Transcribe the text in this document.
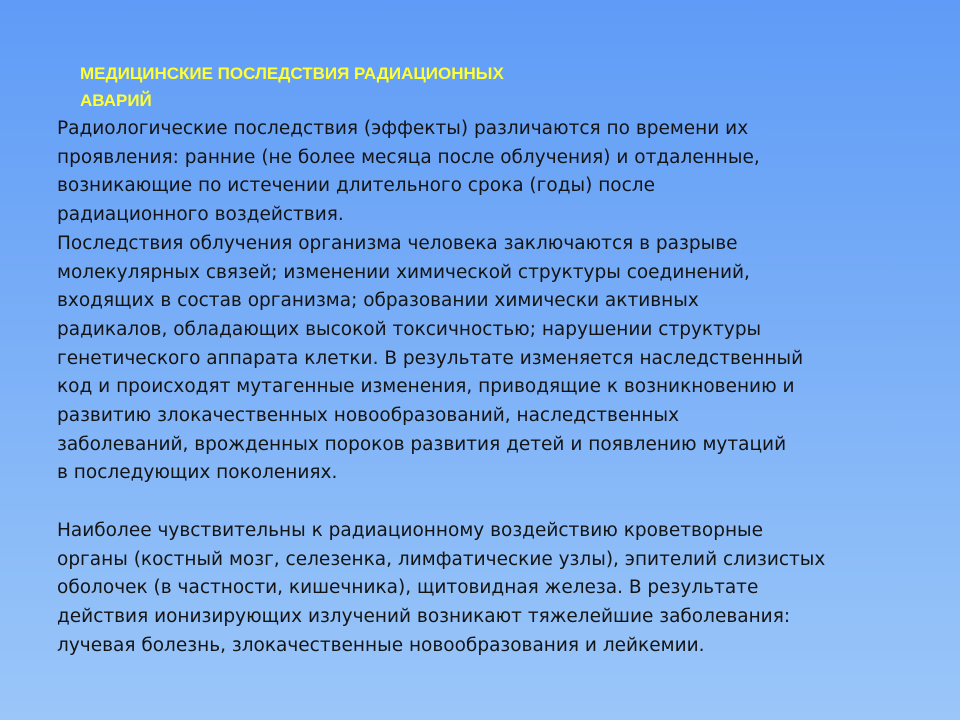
МЕДИЦИНСКИЕ ПОСЛЕДСТВИЯ РАДИАЦИОННЫХ
АВАРИЙ
Радиологические последствия (эффекты) различаются по времени их
проявления: ранние (не более месяца после облучения) и отдаленные,
возникающие по истечении длительного срока (годы) после
радиационного воздействия.
Последствия облучения организма человека заключаются в разрыве
молекулярных связей; изменении химической структуры соединений,
входящих в состав организма; образовании химически активных
радикалов, обладающих высокой токсичностью; нарушении структуры
генетического аппарата клетки. В результате изменяется наследственный
код и происходят мутагенные изменения, приводящие к возникновению и
развитию злокачественных новообразований, наследственных
заболеваний, врожденных пороков развития детей и появлению мутаций
в последующих поколениях.
Наиболее чувствительны к радиационному воздействию кроветворные
органы (костный мозг, селезенка, лимфатические узлы), эпителий слизистых
оболочек (в частности, кишечника), щитовидная железа. В результате
действия ионизирующих излучений возникают тяжелейшие заболевания:
лучевая болезнь, злокачественные новообразования и лейкемии.
